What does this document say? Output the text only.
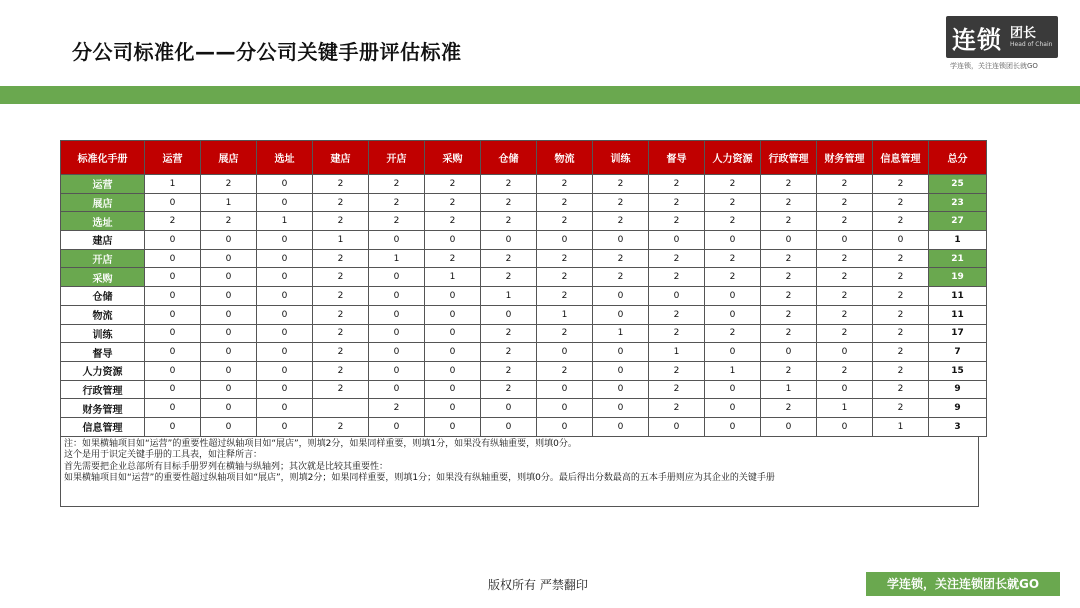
分公司标准化——分公司关键手册评估标准	连锁 团长
Head of Chain
学连锁，关注连锁团长就GO
标准化手册	运营	展店	选址	建店	开店	采购	仓储	物流	训练	督导	人力资源	行政管理	财务管理	信息管理	总分
运营	1	2	0	2	2	2	2	2	2	2	2	2	2	2	25
展店	0	1	0	2	2	2	2	2	2	2	2	2	2	2	23
选址	2	2	1	2	2	2	2	2	2	2	2	2	2	2	27
建店	0	0	0	1	0	0	0	0	0	0	0	0	0	0	1
开店	0	0	0	2	1	2	2	2	2	2	2	2	2	2	21
采购	0	0	0	2	0	1	2	2	2	2	2	2	2	2	19
仓储	0	0	0	2	0	0	1	2	0	0	0	2	2	2	11
物流	0	0	0	2	0	0	0	1	0	2	0	2	2	2	11
训练	0	0	0	2	0	0	2	2	1	2	2	2	2	2	17
督导	0	0	0	2	0	0	2	0	0	1	0	0	0	2	7
人力资源	0	0	0	2	0	0	2	2	0	2	1	2	2	2	15
行政管理	0	0	0	2	0	0	2	0	0	2	0	1	0	2	9
财务管理	0	0	0		2	0	0	0	0	2	0	2	1	2	9
信息管理	0	0	0	2	0	0	0	0	0	0	0	0	0	1	3
注：如果横轴项目如“运营”的重要性超过纵轴项目如“展店”，则填2分，如果同样重要，则填1分，如果没有纵轴重要，则填0分。
这个是用于识定关键手册的工具表，如注释所言：
首先需要把企业总部所有目标手册罗列在横轴与纵轴列；其次就是比较其重要性：
如果横轴项目如“运营”的重要性超过纵轴项目如“展店”，则填2分；如果同样重要，则填1分；如果没有纵轴重要，则填0分。最后得出分数最高的五本手册则应为其企业的关键手册
版权所有 严禁翻印	学连锁，关注连锁团长就GO
